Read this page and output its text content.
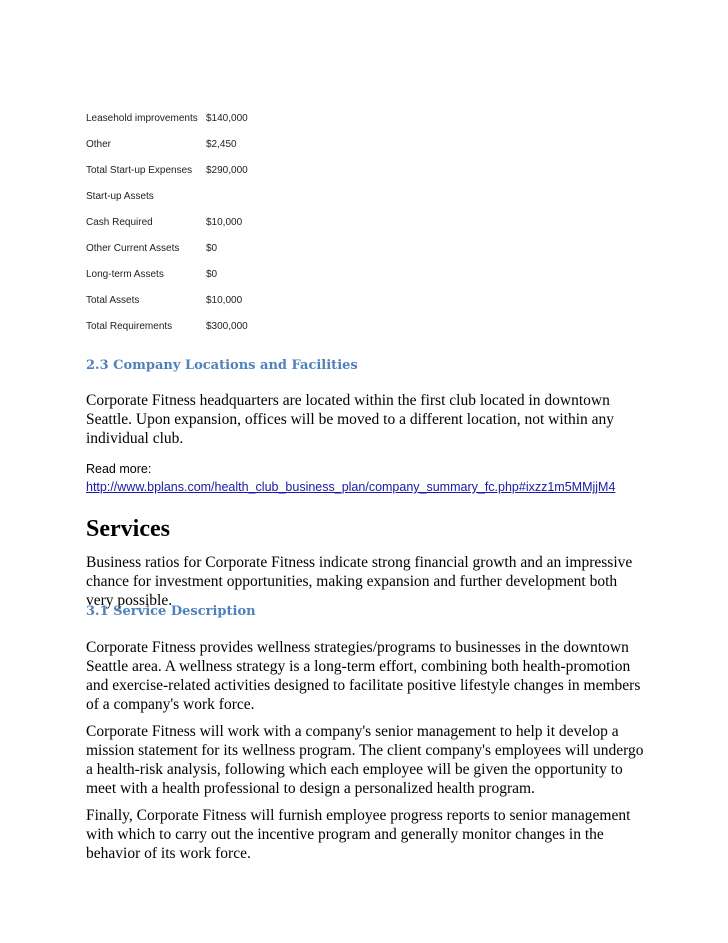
Leasehold improvements $140,000
Other	$2,450
Total Start-up Expenses $290,000
Start-up Assets
Cash Required	$10,000
Other Current Assets	$0
Long-term Assets	$0
Total Assets	$10,000
Total Requirements	$300,000
2.3 Company Locations and Facilities

Corporate Fitness headquarters are located within the first club located in downtown Seattle. Upon expansion, offices will be moved to a different location, not within any individual club.

Read more:
http://www.bplans.com/health_club_business_plan/company_summary_fc.php#ixzz1m5MMjjM4
Services

Business ratios for Corporate Fitness indicate strong financial growth and an impressive chance for investment opportunities, making expansion and further development both very possible.

3.1 Service Description

Corporate Fitness provides wellness strategies/programs to businesses in the downtown Seattle area. A wellness strategy is a long-term effort, combining both health-promotion and exercise-related activities designed to facilitate positive lifestyle changes in members of a company's work force.

Corporate Fitness will work with a company's senior management to help it develop a mission statement for its wellness program. The client company's employees will undergo a health-risk analysis, following which each employee will be given the opportunity to meet with a health professional to design a personalized health program.

Finally, Corporate Fitness will furnish employee progress reports to senior management with which to carry out the incentive program and generally monitor changes in the behavior of its work force.
